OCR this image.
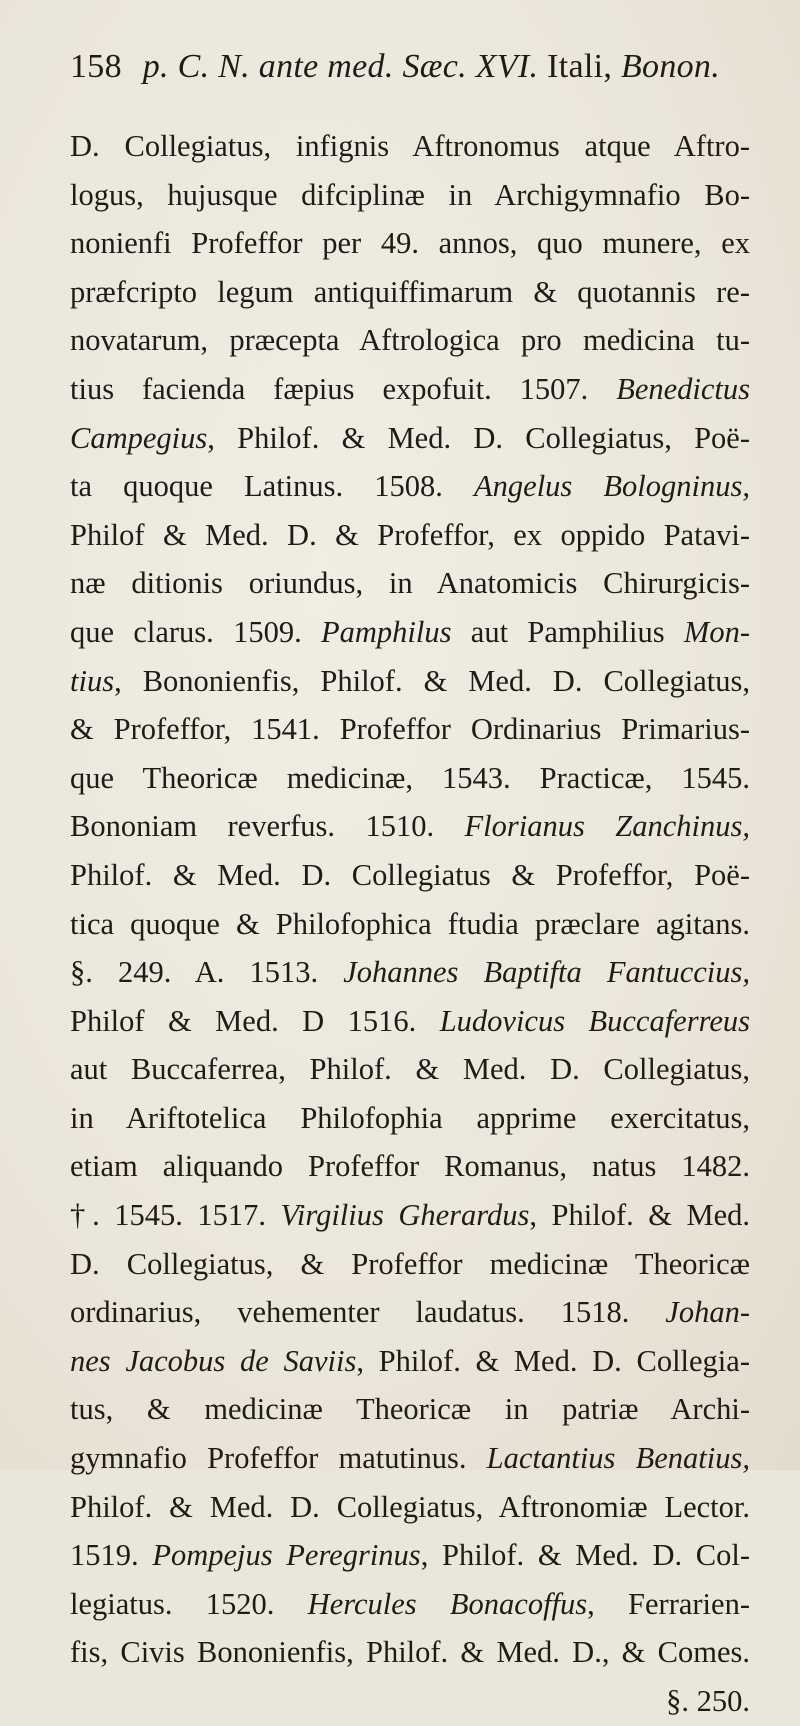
158 p. C. N. ante med. Sæc. XVI. Itali, Bonon.
D. Collegiatus, infignis Aftronomus atque Aftro-
logus, hujusque difciplinæ in Archigymnafio Bo-
nonienfi Profeffor per 49. annos, quo munere, ex
præfcripto legum antiquiffimarum & quotannis re-
novatarum, præcepta Aftrologica pro medicina tu-
tius facienda fæpius expofuit. 1507. Benedictus
Campegius, Philof. & Med. D. Collegiatus, Poë-
ta quoque Latinus. 1508. Angelus Bologninus,
Philof & Med. D. & Profeffor, ex oppido Patavi-
næ ditionis oriundus, in Anatomicis Chirurgicis-
que clarus. 1509. Pamphilus aut Pamphilius Mon-
tius, Bononienfis, Philof. & Med. D. Collegiatus,
& Profeffor, 1541. Profeffor Ordinarius Primarius-
que Theoricæ medicinæ, 1543. Practicæ, 1545.
Bononiam reverfus. 1510. Florianus Zanchinus,
Philof. & Med. D. Collegiatus & Profeffor, Poë-
tica quoque & Philofophica ftudia præclare agitans.
§. 249. A. 1513. Johannes Baptifta Fantuccius,
Philof & Med. D 1516. Ludovicus Buccaferreus
aut Buccaferrea, Philof. & Med. D. Collegiatus,
in Ariftotelica Philofophia apprime exercitatus,
etiam aliquando Profeffor Romanus, natus 1482.
†. 1545. 1517. Virgilius Gherardus, Philof. & Med.
D. Collegiatus, & Profeffor medicinæ Theoricæ
ordinarius, vehementer laudatus. 1518. Johan-
nes Jacobus de Saviis, Philof. & Med. D. Collegia-
tus, & medicinæ Theoricæ in patriæ Archi-
gymnafio Profeffor matutinus. Lactantius Benatius,
Philof. & Med. D. Collegiatus, Aftronomiæ Lector.
1519. Pompejus Peregrinus, Philof. & Med. D. Col-
legiatus. 1520. Hercules Bonacoffus, Ferrarien-
fis, Civis Bononienfis, Philof. & Med. D., & Comes.
§. 250.
